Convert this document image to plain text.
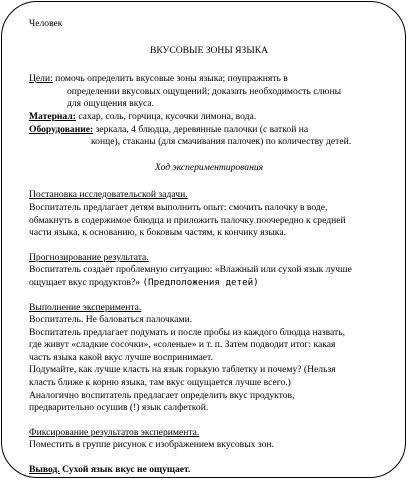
Человек
ВКУСОВЫЕ ЗОНЫ ЯЗЫКА
Цели: помочь определить вкусовые зоны языка; поупражнять в
определении вкусовых ощущений; доказать необходимость слюны
для ощущения вкуса.
Материал: сахар, соль, горчица, кусочки лимона, вода.
Оборудование: зеркала, 4 блюдца, деревянные палочки (с ваткой на
конце), стаканы (для смачивания палочек) по количеству детей.
Ход экспериментирования
Постановка исследовательской задачи.
Воспитатель предлагает детям выполнить опыт: смочить палочку в воде,
обмакнуть в содержимое блюдца и приложить палочку поочередно к средней
части языка, к основанию, к боковым частям, к кончику языка.
Прогнозирование результата.
Воспитатель создаёт проблемную ситуацию: «Влажный или сухой язык лучше
ощущает вкус продуктов?» (Предположения детей)
Выполнение эксперимента.
Воспитатель. Не баловаться палочками.
Воспитатель предлагает подумать и после пробы из каждого блюдца назвать,
где живут «сладкие сосочки», «соленые» и т. п. Затем подводит итог: какая
часть языка какой вкус лучше воспринимает.
Подумайте, как лучше класть на язык горькую таблетку и почему? (Нельзя
класть ближе к корню языка, там вкус ощущается лучше всего.)
Аналогично воспитатель предлагает определить вкус продуктов,
предварительно осушив (!) язык салфеткой.
Фиксирование результатов эксперимента.
Поместить в группе рисунок с изображением вкусовых зон.
Вывод. Сухой язык вкус не ощущает.
